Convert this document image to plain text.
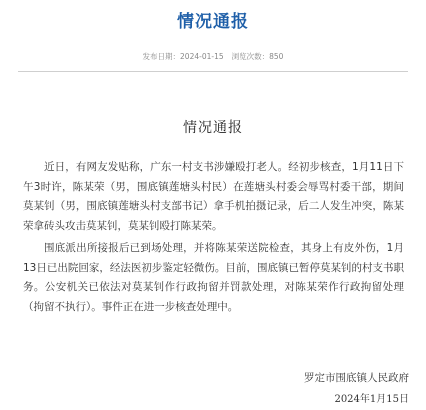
情况通报
发布日期：2024-01-15 浏览次数：850
情况通报

近日，有网友发贴称，广东一村支书涉嫌殴打老人。经初步核查，1月11日下午3时许，陈某荣（男，围底镇莲塘头村民）在莲塘头村委会辱骂村委干部，期间莫某钊（男，围底镇莲塘头村支部书记）拿手机拍摄记录，后二人发生冲突，陈某荣拿砖头攻击莫某钊，莫某钊殴打陈某荣。

围底派出所接报后已到场处理，并将陈某荣送院检查，其身上有皮外伤，1月13日已出院回家，经法医初步鉴定轻微伤。目前，围底镇已暂停莫某钊的村支书职务。公安机关已依法对莫某钊作行政拘留并罚款处理，对陈某荣作行政拘留处理（拘留不执行）。事件正在进一步核查处理中。

罗定市围底镇人民政府
2024年1月15日
